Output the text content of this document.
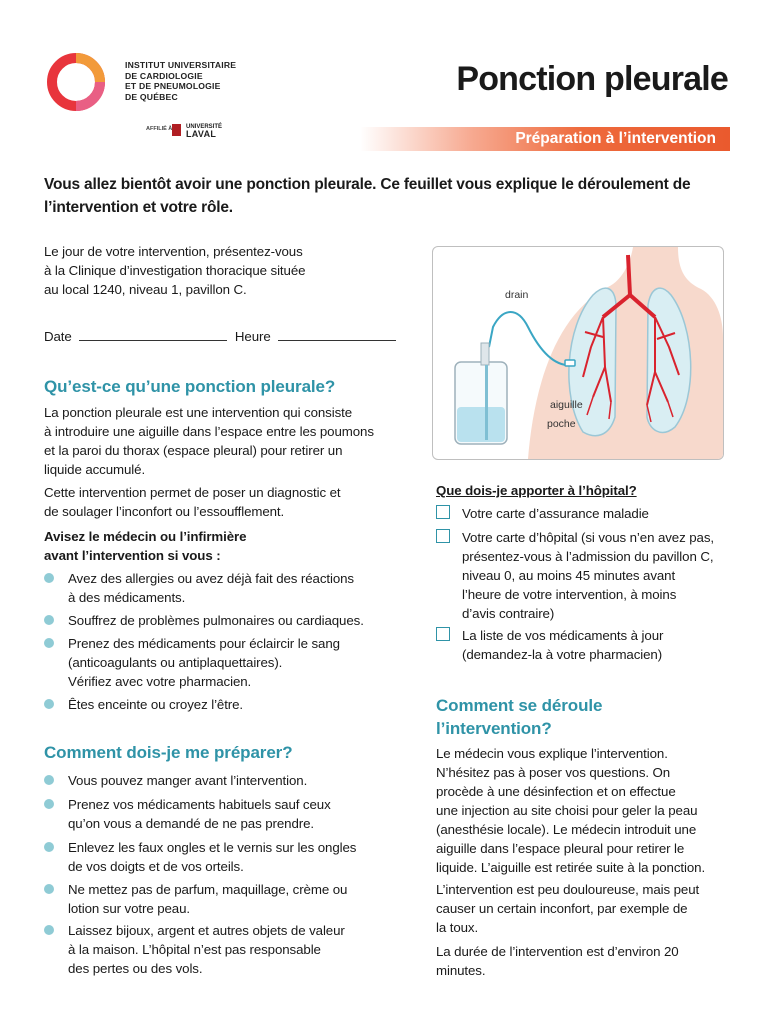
INSTITUT UNIVERSITAIRE
DE CARDIOLOGIE
ET DE PNEUMOLOGIE
DE QUÉBEC
AFFILIÉ À UNIVERSITÉ
LAVAL
Ponction pleurale
Préparation à l’intervention
Vous allez bientôt avoir une ponction pleurale. Ce feuillet vous explique le déroulement de l’intervention et votre rôle.
Le jour de votre intervention, présentez-vous
à la Clinique d’investigation thoracique située
au local 1240, niveau 1, pavillon C.
Date	Heure
drain
aiguille
poche
Qu’est-ce qu’une ponction pleurale?
La ponction pleurale est une intervention qui consiste
à introduire une aiguille dans l’espace entre les poumons
et la paroi du thorax (espace pleural) pour retirer un
liquide accumulé.
Cette intervention permet de poser un diagnostic et
de soulager l’inconfort ou l’essoufflement.
Avisez le médecin ou l’infirmière
avant l’intervention si vous :
Avez des allergies ou avez déjà fait des réactions
à des médicaments.
Souffrez de problèmes pulmonaires ou cardiaques.
Prenez des médicaments pour éclaircir le sang
(anticoagulants ou antiplaquettaires).
Vérifiez avec votre pharmacien.
Êtes enceinte ou croyez l’être.
Comment dois-je me préparer?
Vous pouvez manger avant l’intervention.
Prenez vos médicaments habituels sauf ceux
qu’on vous a demandé de ne pas prendre.
Enlevez les faux ongles et le vernis sur les ongles
de vos doigts et de vos orteils.
Ne mettez pas de parfum, maquillage, crème ou
lotion sur votre peau.
Laissez bijoux, argent et autres objets de valeur
à la maison. L’hôpital n’est pas responsable
des pertes ou des vols.
Que dois-je apporter à l’hôpital?
Votre carte d’assurance maladie
Votre carte d’hôpital (si vous n’en avez pas,
présentez-vous à l’admission du pavillon C,
niveau 0, au moins 45 minutes avant
l’heure de votre intervention, à moins
d’avis contraire)
La liste de vos médicaments à jour
(demandez-la à votre pharmacien)
Comment se déroule
l’intervention?
Le médecin vous explique l’intervention.
N’hésitez pas à poser vos questions. On
procède à une désinfection et on effectue
une injection au site choisi pour geler la peau
(anesthésie locale). Le médecin introduit une
aiguille dans l’espace pleural pour retirer le
liquide. L’aiguille est retirée suite à la ponction.
L’intervention est peu douloureuse, mais peut
causer un certain inconfort, par exemple de
la toux.
La durée de l’intervention est d’environ 20
minutes.
